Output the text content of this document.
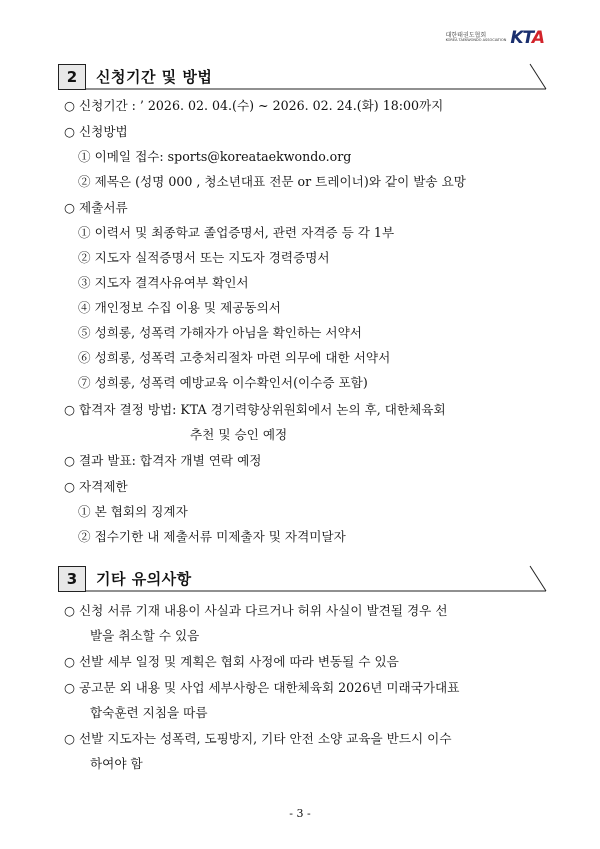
대한태권도협회
KOREA TAEKWONDO ASSOCIATION KTA
2	신청기간 및 방법
○ 신청기간 : ’ 2026. 02. 04.(수) ~ 2026. 02. 24.(화) 18:00까지
○ 신청방법
① 이메일 접수: sports@koreataekwondo.org
② 제목은 (성명 000 , 청소년대표 전문 or 트레이너)와 같이 발송 요망
○ 제출서류
① 이력서 및 최종학교 졸업증명서, 관련 자격증 등 각 1부
② 지도자 실적증명서 또는 지도자 경력증명서
③ 지도자 결격사유여부 확인서
④ 개인정보 수집 이용 및 제공동의서
⑤ 성희롱, 성폭력 가해자가 아님을 확인하는 서약서
⑥ 성희롱, 성폭력 고충처리절차 마련 의무에 대한 서약서
⑦ 성희롱, 성폭력 예방교육 이수확인서(이수증 포함)
○ 합격자 결정 방법: KTA 경기력향상위원회에서 논의 후, 대한체육회
추천 및 승인 예정
○ 결과 발표: 합격자 개별 연락 예정
○ 자격제한
① 본 협회의 징계자
② 접수기한 내 제출서류 미제출자 및 자격미달자
3	기타 유의사항
○ 신청 서류 기재 내용이 사실과 다르거나 허위 사실이 발견될 경우 선
발을 취소할 수 있음
○ 선발 세부 일정 및 계획은 협회 사정에 따라 변동될 수 있음
○ 공고문 외 내용 및 사업 세부사항은 대한체육회 2026년 미래국가대표
합숙훈련 지침을 따름
○ 선발 지도자는 성폭력, 도핑방지, 기타 안전 소양 교육을 반드시 이수
하여야 함
- 3 -
